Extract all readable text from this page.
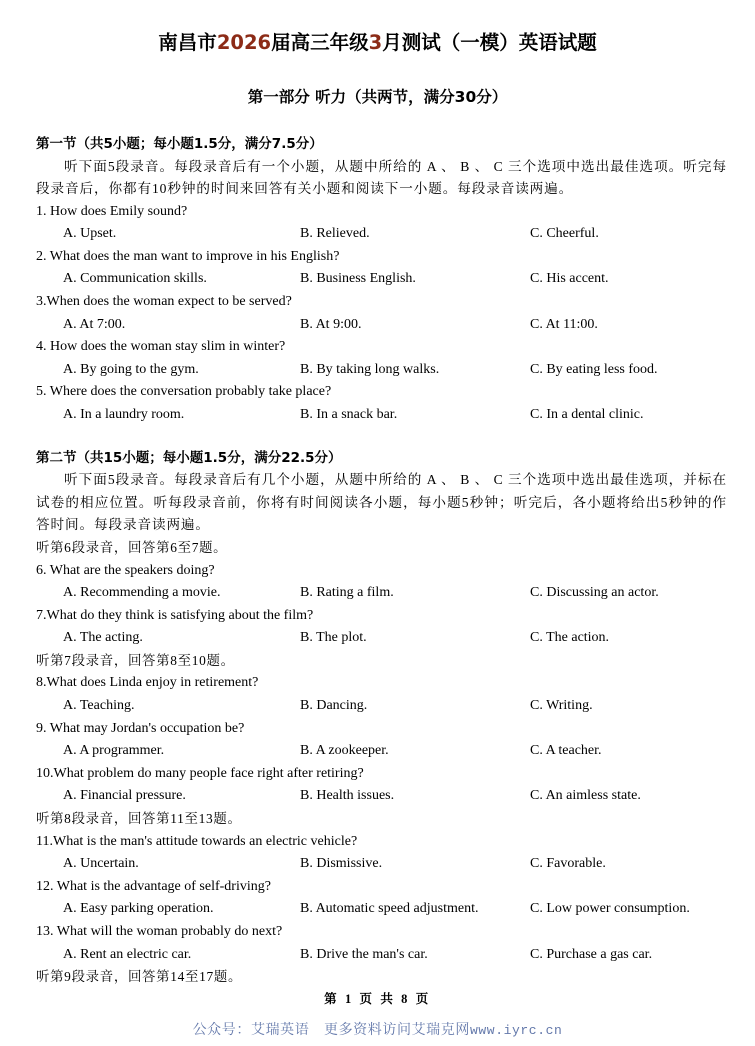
南昌市2026届高三年级3月测试（一模）英语试题
第一部分 听力（共两节，满分30分）

第一节（共5小题；每小题1.5分，满分7.5分）

听下面5段录音。每段录音后有一个小题，从题中所给的 A 、 B 、 C 三个选项中选出最佳选项。听完每段录音后，你都有10秒钟的时间来回答有关小题和阅读下一小题。每段录音读两遍。

1. How does Emily sound?

A. Upset.	B. Relieved.	C. Cheerful.

2. What does the man want to improve in his English?

A. Communication skills.	B. Business English.	C. His accent.

3.When does the woman expect to be served?

A. At 7:00.	B. At 9:00.	C. At 11:00.

4. How does the woman stay slim in winter?

A. By going to the gym.	B. By taking long walks.	C. By eating less food.

5. Where does the conversation probably take place?

A. In a laundry room.	B. In a snack bar.	C. In a dental clinic.

第二节（共15小题；每小题1.5分，满分22.5分）

听下面5段录音。每段录音后有几个小题，从题中所给的 A 、 B 、 C 三个选项中选出最佳选项，并标在试卷的相应位置。听每段录音前，你将有时间阅读各小题，每小题5秒钟；听完后，各小题将给出5秒钟的作答时间。每段录音读两遍。

听第6段录音，回答第6至7题。

6. What are the speakers doing?

A. Recommending a movie.	B. Rating a film.	C. Discussing an actor.

7.What do they think is satisfying about the film?

A. The acting.	B. The plot.	C. The action.

听第7段录音，回答第8至10题。

8.What does Linda enjoy in retirement?

A. Teaching.	B. Dancing.	C. Writing.

9. What may Jordan's occupation be?

A. A programmer.	B. A zookeeper.	C. A teacher.

10.What problem do many people face right after retiring?

A. Financial pressure.	B. Health issues.	C. An aimless state.

听第8段录音，回答第11至13题。

11.What is the man's attitude towards an electric vehicle?

A. Uncertain.	B. Dismissive.	C. Favorable.

12. What is the advantage of self-driving?

A. Easy parking operation.	B. Automatic speed adjustment.	C. Low power consumption.

13. What will the woman probably do next?

A. Rent an electric car.	B. Drive the man's car.	C. Purchase a gas car.

听第9段录音，回答第14至17题。

第 1 页 共 8 页
公众号：艾瑞英语　更多资料访问艾瑞克网www.iyrc.cn
